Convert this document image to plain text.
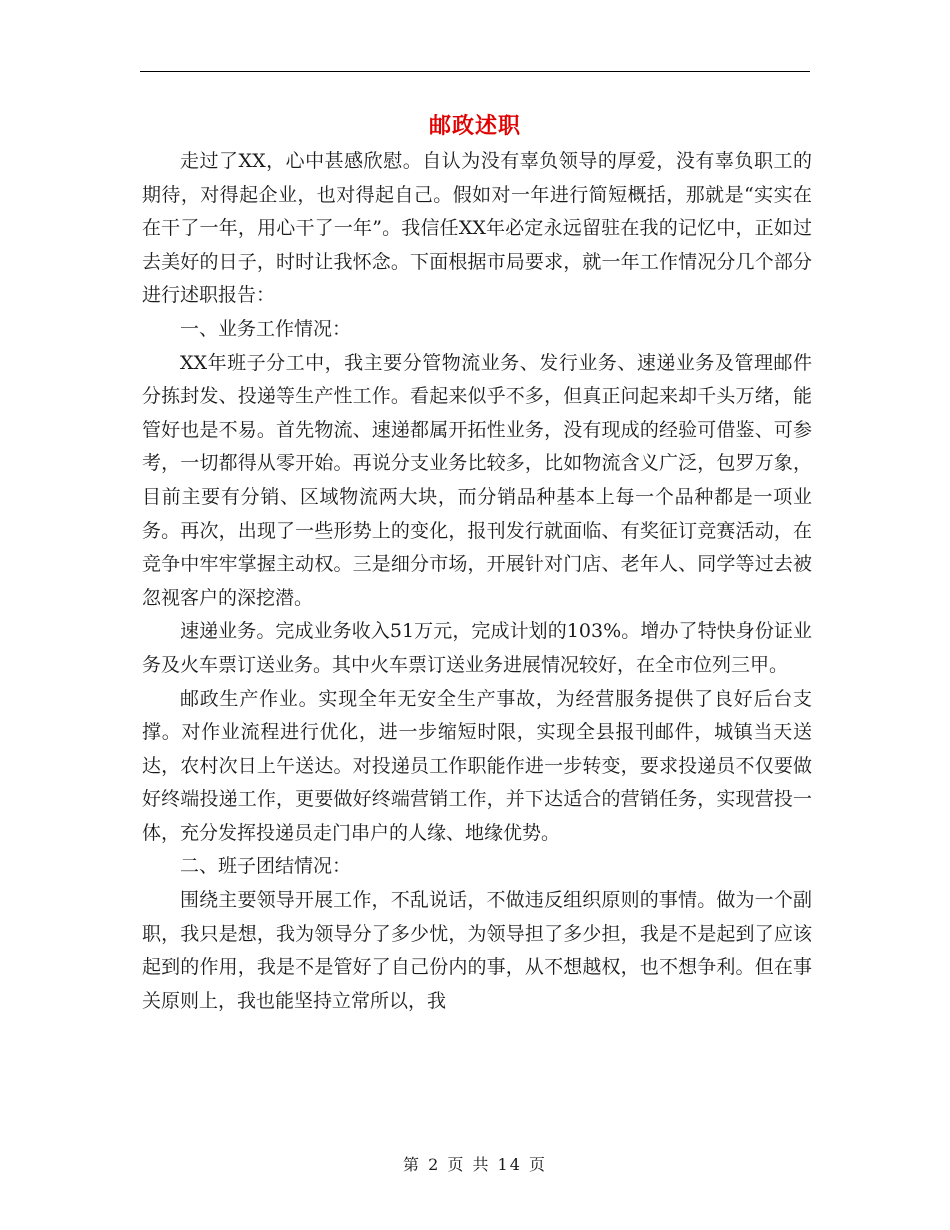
邮政述职

走过了XX，心中甚感欣慰。自认为没有辜负领导的厚爱，没有辜负职工的期待，对得起企业，也对得起自己。假如对一年进行简短概括，那就是“实实在在干了一年，用心干了一年”。我信任XX年必定永远留驻在我的记忆中，正如过去美好的日子，时时让我怀念。下面根据市局要求，就一年工作情况分几个部分进行述职报告：

一、业务工作情况：

XX年班子分工中，我主要分管物流业务、发行业务、速递业务及管理邮件分拣封发、投递等生产性工作。看起来似乎不多，但真正问起来却千头万绪，能管好也是不易。首先物流、速递都属开拓性业务，没有现成的经验可借鉴、可参考，一切都得从零开始。再说分支业务比较多，比如物流含义广泛，包罗万象，目前主要有分销、区域物流两大块，而分销品种基本上每一个品种都是一项业务。再次，出现了一些形势上的变化，报刊发行就面临、有奖征订竞赛活动，在竞争中牢牢掌握主动权。三是细分市场，开展针对门店、老年人、同学等过去被忽视客户的深挖潜。

速递业务。完成业务收入51万元，完成计划的103%。增办了特快身份证业务及火车票订送业务。其中火车票订送业务进展情况较好，在全市位列三甲。

邮政生产作业。实现全年无安全生产事故，为经营服务提供了良好后台支撑。对作业流程进行优化，进一步缩短时限，实现全县报刊邮件，城镇当天送达，农村次日上午送达。对投递员工作职能作进一步转变，要求投递员不仅要做好终端投递工作，更要做好终端营销工作，并下达适合的营销任务，实现营投一体，充分发挥投递员走门串户的人缘、地缘优势。

二、班子团结情况：

围绕主要领导开展工作，不乱说话，不做违反组织原则的事情。做为一个副职，我只是想，我为领导分了多少忧，为领导担了多少担，我是不是起到了应该起到的作用，我是不是管好了自己份内的事，从不想越权，也不想争利。但在事关原则上，我也能坚持立常所以，我

第 2 页 共 14 页
